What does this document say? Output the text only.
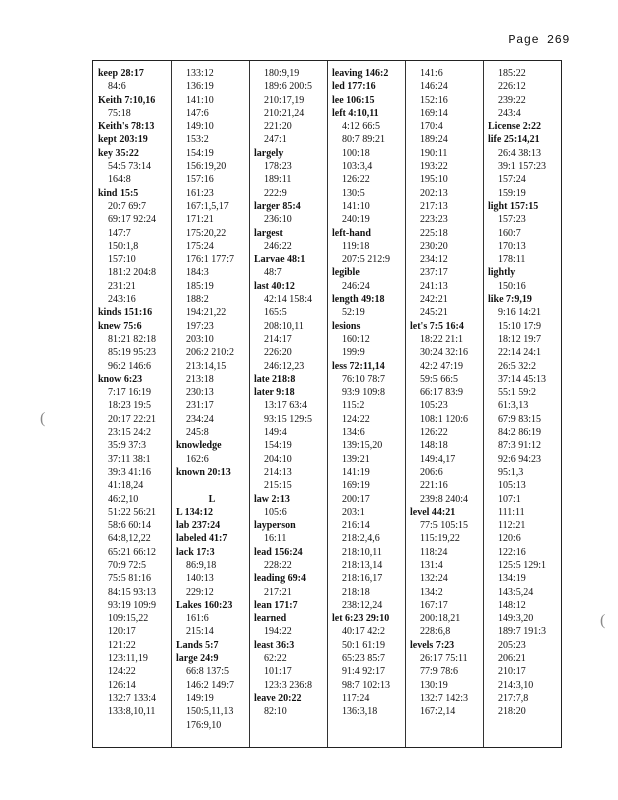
Page 269
keep 28:17
84:6
Keith 7:10,16
75:18
Keith's 78:13
kept 203:19
key 35:22
54:5 73:14
164:8
kind 15:5
20:7 69:7
69:17 92:24
147:7
150:1,8
157:10
181:2 204:8
231:21
243:16
kinds 151:16
knew 75:6
81:21 82:18
85:19 95:23
96:2 146:6
know 6:23
7:17 16:19
18:23 19:5
20:17 22:21
23:15 24:2
35:9 37:3
37:11 38:1
39:3 41:16
41:18,24
46:2,10
51:22 56:21
58:6 60:14
64:8,12,22
65:21 66:12
70:9 72:5
75:5 81:16
84:15 93:13
93:19 109:9
109:15,22
120:17
121:22
123:11,19
124:22
126:14
132:7 133:4
133:8,10,11
133:12
136:19
141:10
147:6
149:10
153:2
154:19
156:19,20
157:16
161:23
167:1,5,17
171:21
175:20,22
175:24
176:1 177:7
184:3
185:19
188:2
194:21,22
197:23
203:10
206:2 210:2
213:14,15
213:18
230:13
231:17
234:24
245:8
knowledge
162:6
known 20:13
L
L 134:12
lab 237:24
labeled 41:7
lack 17:3
86:9,18
140:13
229:12
Lakes 160:23
161:6
215:14
Lands 5:7
large 24:9
66:8 137:5
146:2 149:7
149:19
150:5,11,13
176:9,10
180:9,19
189:6 200:5
210:17,19
210:21,24
221:20
247:1
largely
178:23
189:11
222:9
larger 85:4
236:10
largest
246:22
Larvae 48:1
48:7
last 40:12
42:14 158:4
165:5
208:10,11
214:17
226:20
246:12,23
late 218:8
later 9:18
13:17 63:4
93:15 129:5
149:4
154:19
204:10
214:13
215:15
law 2:13
105:6
layperson
16:11
lead 156:24
228:22
leading 69:4
217:21
lean 171:7
learned
194:22
least 36:3
62:22
101:17
123:3 236:8
leave 20:22
82:10
leaving 146:2
led 177:16
lee 106:15
left 4:10,11
4:12 66:5
80:7 89:21
100:18
103:3,4
126:22
130:5
141:10
240:19
left-hand
119:18
207:5 212:9
legible
246:24
length 49:18
52:19
lesions
160:12
199:9
less 72:11,14
76:10 78:7
93:9 109:8
115:2
124:22
134:6
139:15,20
139:21
141:19
169:19
200:17
203:1
216:14
218:2,4,6
218:10,11
218:13,14
218:16,17
218:18
238:12,24
let 6:23 29:10
40:17 42:2
50:1 61:19
65:23 85:7
91:4 92:17
98:7 102:13
117:24
136:3,18
141:6
146:24
152:16
169:14
170:4
189:24
190:11
193:22
195:10
202:13
217:13
223:23
225:18
230:20
234:12
237:17
241:13
242:21
245:21
let's 7:5 16:4
18:22 21:1
30:24 32:16
42:2 47:19
59:5 66:5
66:17 83:9
105:23
108:1 120:6
126:22
148:18
149:4,17
206:6
221:16
239:8 240:4
level 44:21
77:5 105:15
115:19,22
118:24
131:4
132:24
134:2
167:17
200:18,21
228:6,8
levels 7:23
26:17 75:11
77:9 78:6
130:19
132:7 142:3
167:2,14
185:22
226:12
239:22
243:4
License 2:22
life 25:14,21
26:4 38:13
39:1 157:23
157:24
159:19
light 157:15
157:23
160:7
170:13
178:11
lightly
150:16
like 7:9,19
9:16 14:21
15:10 17:9
18:12 19:7
22:14 24:1
26:5 32:2
37:14 45:13
55:1 59:2
61:3,13
67:9 83:15
84:2 86:19
87:3 91:12
92:6 94:23
95:1,3
105:13
107:1
111:11
112:21
120:6
122:16
125:5 129:1
134:19
143:5,24
148:12
149:3,20
189:7 191:3
205:23
206:21
210:17
214:3,10
217:7,8
218:20
(
(
